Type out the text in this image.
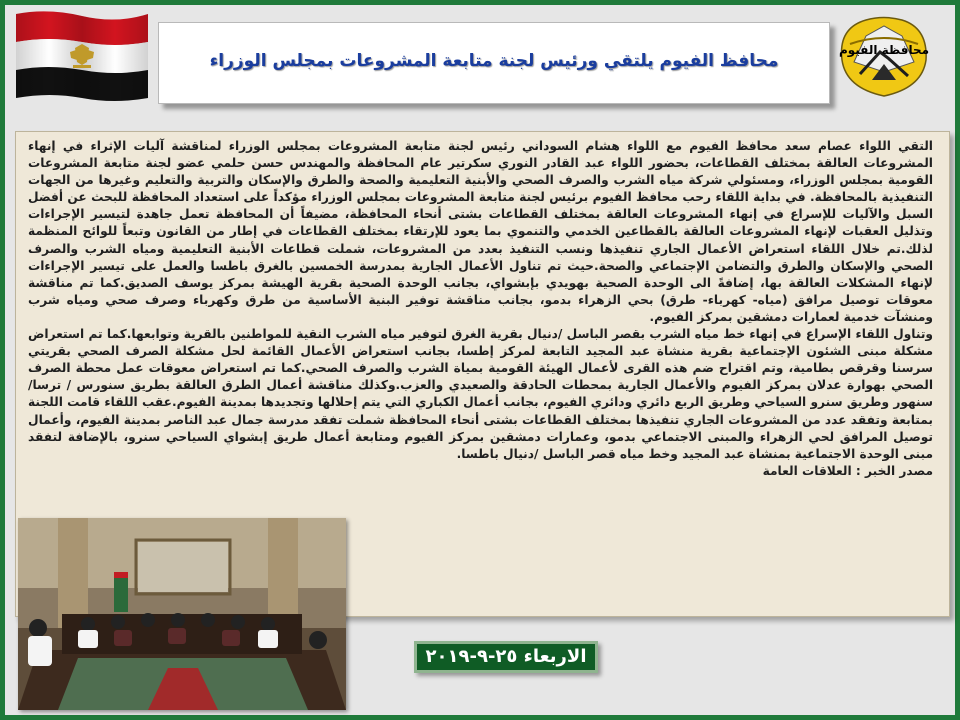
محافظة الفيوم
محافظ الفيوم يلتقي ورئيس لجنة متابعة المشروعات بمجلس الوزراء

التقي اللواء عصام سعد محافظ الفيوم مع اللواء هشام السوداني رئيس لجنة متابعة المشروعات بمجلس الوزراء لمناقشة آليات الإثراء في إنهاء المشروعات العالقة بمختلف القطاعات، بحضور اللواء عبد القادر النوري سكرتير عام المحافظة والمهندس حسن حلمي عضو لجنة متابعة المشروعات القومية بمجلس الوزراء، ومسئولي شركة مياه الشرب والصرف الصحي والأبنية التعليمية والصحة والطرق والإسكان والتربية والتعليم وغيرها من الجهات التنفيذية بالمحافظة. في بداية اللقاء رحب محافظ الفيوم برئيس لجنة متابعة المشروعات بمجلس الوزراء مؤكداً على استعداد المحافظة للبحث عن أفضل السبل والآليات للإسراع في إنهاء المشروعات العالقة بمختلف القطاعات بشتى أنحاء المحافظة، مضيفاً أن المحافظة تعمل جاهدة لتيسير الإجراءات وتذليل العقبات لإنهاء المشروعات العالقة بالقطاعين الخدمي والتنموي بما يعود للإرتقاء بمختلف القطاعات في إطار من القانون وتبعاً للوائح المنظمة لذلك.تم خلال اللقاء استعراض الأعمال الجاري تنفيذها ونسب التنفيذ بعدد من المشروعات، شملت قطاعات الأبنية التعليمية ومياه الشرب والصرف الصحي والإسكان والطرق والتضامن الإجتماعي والصحة.حيث تم تناول الأعمال الجارية بمدرسة الخمسين بالغرق باطسا والعمل على تيسير الإجراءات لإنهاء المشكلات العالقة بها، إضافةً الى الوحدة الصحية بهويدي بإبشواي، بجانب الوحدة الصحية بقرية الهيشة بمركز يوسف الصديق.كما تم مناقشة معوقات توصيل مرافق (مياه- كهرباء- طرق) بحي الزهراء بدمو، بجانب مناقشة توفير البنية الأساسية من طرق وكهرباء وصرف صحي ومياه شرب ومنشآت خدمية لعمارات دمشقين بمركز الفيوم.

وتناول اللقاء الإسراع في إنهاء خط مياه الشرب بقصر الباسل /دنيال بقرية الغرق لتوفير مياه الشرب النقية للمواطنين بالقرية وتوابعها.كما تم استعراض مشكلة مبنى الشئون الإجتماعية بقرية منشاة عبد المجيد التابعة لمركز إطسا، بجانب استعراض الأعمال القائمة لحل مشكلة الصرف الصحي بقريتي سرسنا وقرقص بطامية، وتم اقتراح ضم هذه القرى لأعمال الهيئة القومية بمياة الشرب والصرف الصحي.كما تم استعراض معوقات عمل محطة الصرف الصحي بهوارة عدلان بمركز الفيوم والأعمال الجارية بمحطات الحادقة والصعيدي والعزب.وكذلك مناقشة أعمال الطرق العالقة بطريق سنورس / ترسا/ سنهور وطريق سنرو السياحي وطريق الربع دائري ودائري الفيوم، بجانب أعمال الكباري التي يتم إحلالها وتجديدها بمدينة الفيوم.عقب اللقاء قامت اللجنة بمتابعة وتفقد عدد من المشروعات الجاري تنفيذها بمختلف القطاعات بشتى أنحاء المحافظة شملت تفقد مدرسة جمال عبد الناصر بمدينة الفيوم، وأعمال توصيل المرافق لحي الزهراء والمبنى الاجتماعي بدمو، وعمارات دمشقين بمركز الفيوم ومتابعة أعمال طريق إبشواي السياحي سنرو، بالإضافة لتفقد مبنى الوحدة الاجتماعية بمنشاة عبد المجيد وخط مياه قصر الباسل /دنيال باطسا.

مصدر الخبر : العلاقات العامة

الاربعاء ٢٥-٩-٢٠١٩
